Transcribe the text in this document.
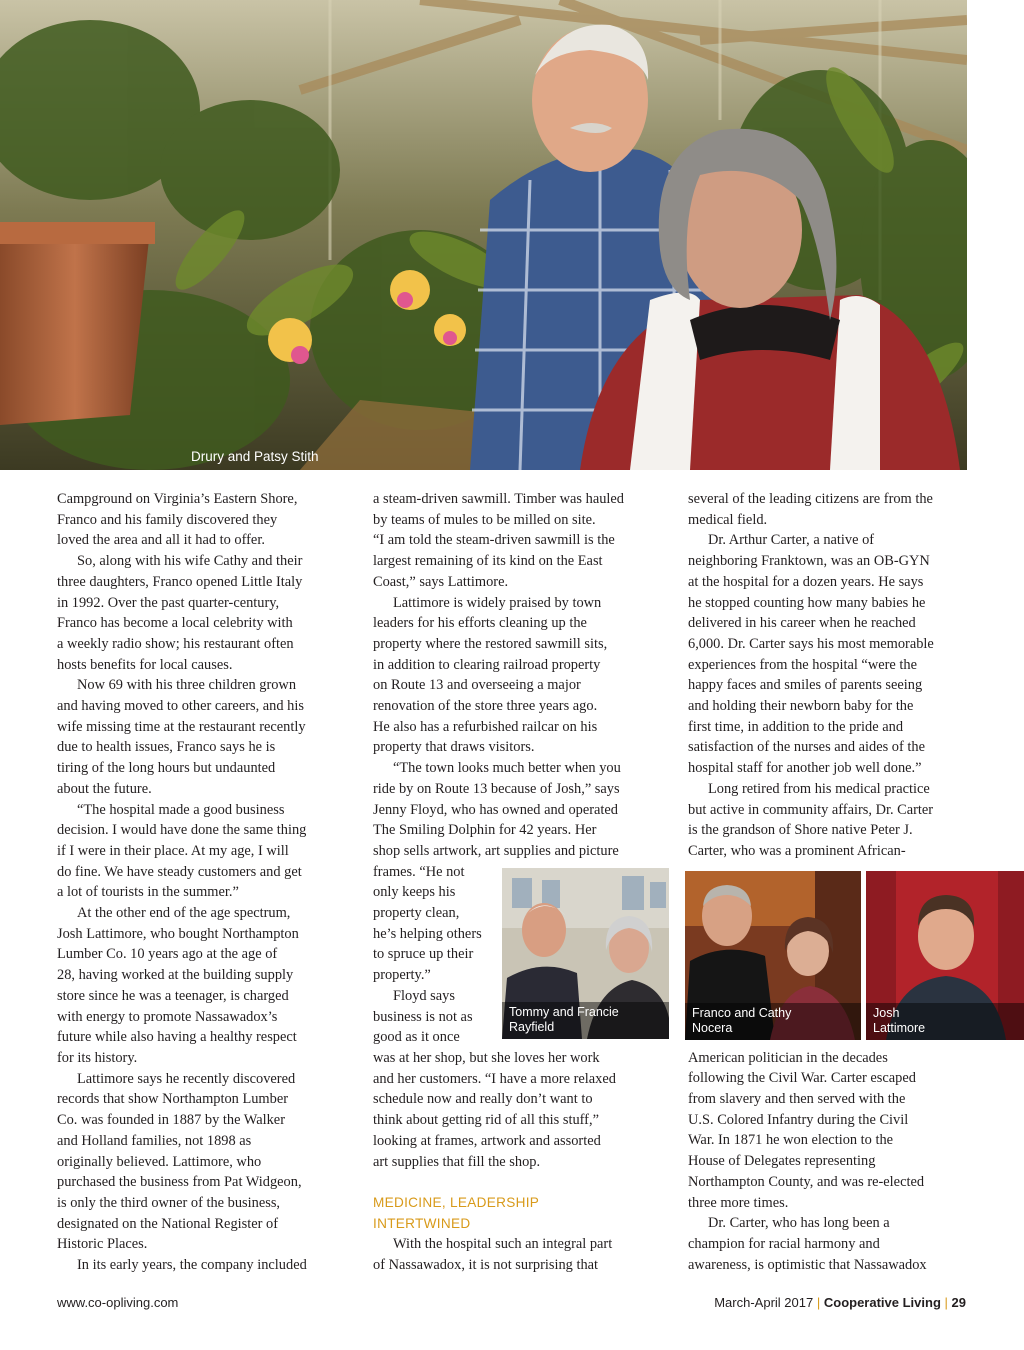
Drury and Patsy Stith

Campground on Virginia’s Eastern Shore,

Franco and his family discovered they

loved the area and all it had to offer.

So, along with his wife Cathy and their

three daughters, Franco opened Little Italy

in 1992. Over the past quarter-century,

Franco has become a local celebrity with

a weekly radio show; his restaurant often

hosts benefits for local causes.

Now 69 with his three children grown

and having moved to other careers, and his

wife missing time at the restaurant recently

due to health issues, Franco says he is

tiring of the long hours but undaunted

about the future.

“The hospital made a good business

decision. I would have done the same thing

if I were in their place. At my age, I will

do fine. We have steady customers and get

a lot of tourists in the summer.”

At the other end of the age spectrum,

Josh Lattimore, who bought Northampton

Lumber Co. 10 years ago at the age of

28, having worked at the building supply

store since he was a teenager, is charged

with energy to promote Nassawadox’s

future while also having a healthy respect

for its history.

Lattimore says he recently discovered

records that show Northampton Lumber

Co. was founded in 1887 by the Walker

and Holland families, not 1898 as

originally believed. Lattimore, who

purchased the business from Pat Widgeon,

is only the third owner of the business,

designated on the National Register of

Historic Places.

In its early years, the company included

a steam-driven sawmill. Timber was hauled

by teams of mules to be milled on site.

“I am told the steam-driven sawmill is the

largest remaining of its kind on the East

Coast,” says Lattimore.

Lattimore is widely praised by town

leaders for his efforts cleaning up the

property where the restored sawmill sits,

in addition to clearing railroad property

on Route 13 and overseeing a major

renovation of the store three years ago.

He also has a refurbished railcar on his

property that draws visitors.

“The town looks much better when you

ride by on Route 13 because of Josh,” says

Jenny Floyd, who has owned and operated

The Smiling Dolphin for 42 years. Her

shop sells artwork, art supplies and picture

frames. “He not

only keeps his

property clean,

he’s helping others

to spruce up their

property.”

Floyd says

business is not as

good as it once

was at her shop, but she loves her work

and her customers. “I have a more relaxed

schedule now and really don’t want to

think about getting rid of all this stuff,”

looking at frames, artwork and assorted

art supplies that fill the shop.

MEDICINE, LEADERSHIP

INTERTWINED

With the hospital such an integral part

of Nassawadox, it is not surprising that

Tommy and Francie
Rayfield

several of the leading citizens are from the

medical field.

Dr. Arthur Carter, a native of

neighboring Franktown, was an OB-GYN

at the hospital for a dozen years. He says

he stopped counting how many babies he

delivered in his career when he reached

6,000. Dr. Carter says his most memorable

experiences from the hospital “were the

happy faces and smiles of parents seeing

and holding their newborn baby for the

first time, in addition to the pride and

satisfaction of the nurses and aides of the

hospital staff for another job well done.”

Long retired from his medical practice

but active in community affairs, Dr. Carter

is the grandson of Shore native Peter J.

Carter, who was a prominent African-

American politician in the decades

following the Civil War. Carter escaped

from slavery and then served with the

U.S. Colored Infantry during the Civil

War. In 1871 he won election to the

House of Delegates representing

Northampton County, and was re-elected

three more times.

Dr. Carter, who has long been a

champion for racial harmony and

awareness, is optimistic that Nassawadox

Franco and Cathy
Nocera
Josh
Lattimore
www.co-opliving.com	March-April 2017 | Cooperative Living | 29
